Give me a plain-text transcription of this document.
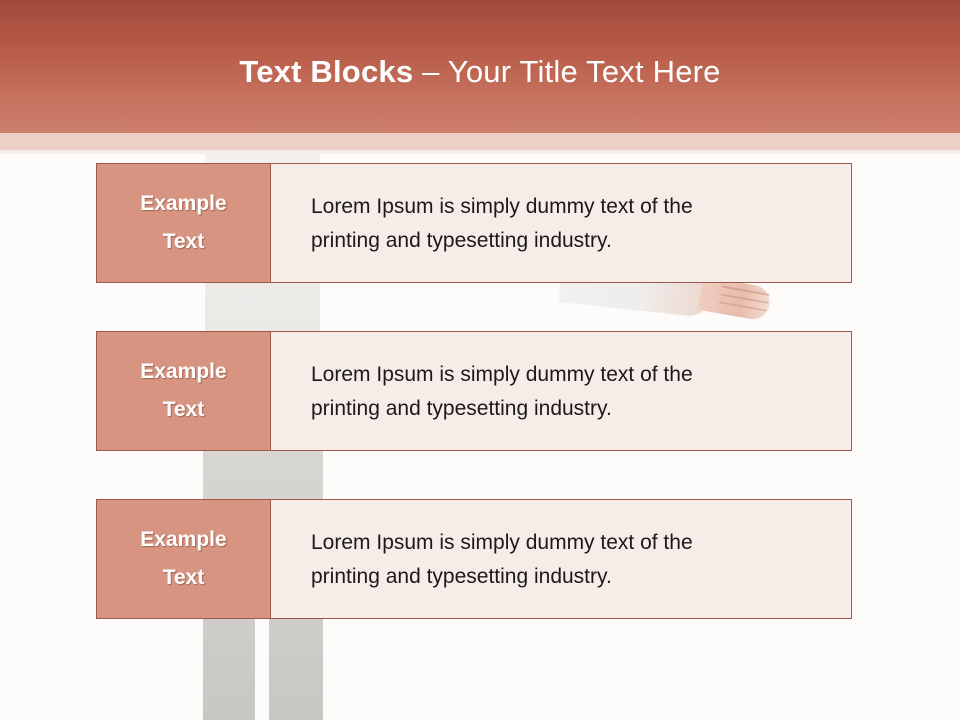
Text Blocks – Your Title Text Here
Example
Text
Lorem Ipsum is simply dummy text of the
printing and typesetting industry.
Example
Text
Lorem Ipsum is simply dummy text of the
printing and typesetting industry.
Example
Text
Lorem Ipsum is simply dummy text of the
printing and typesetting industry.
